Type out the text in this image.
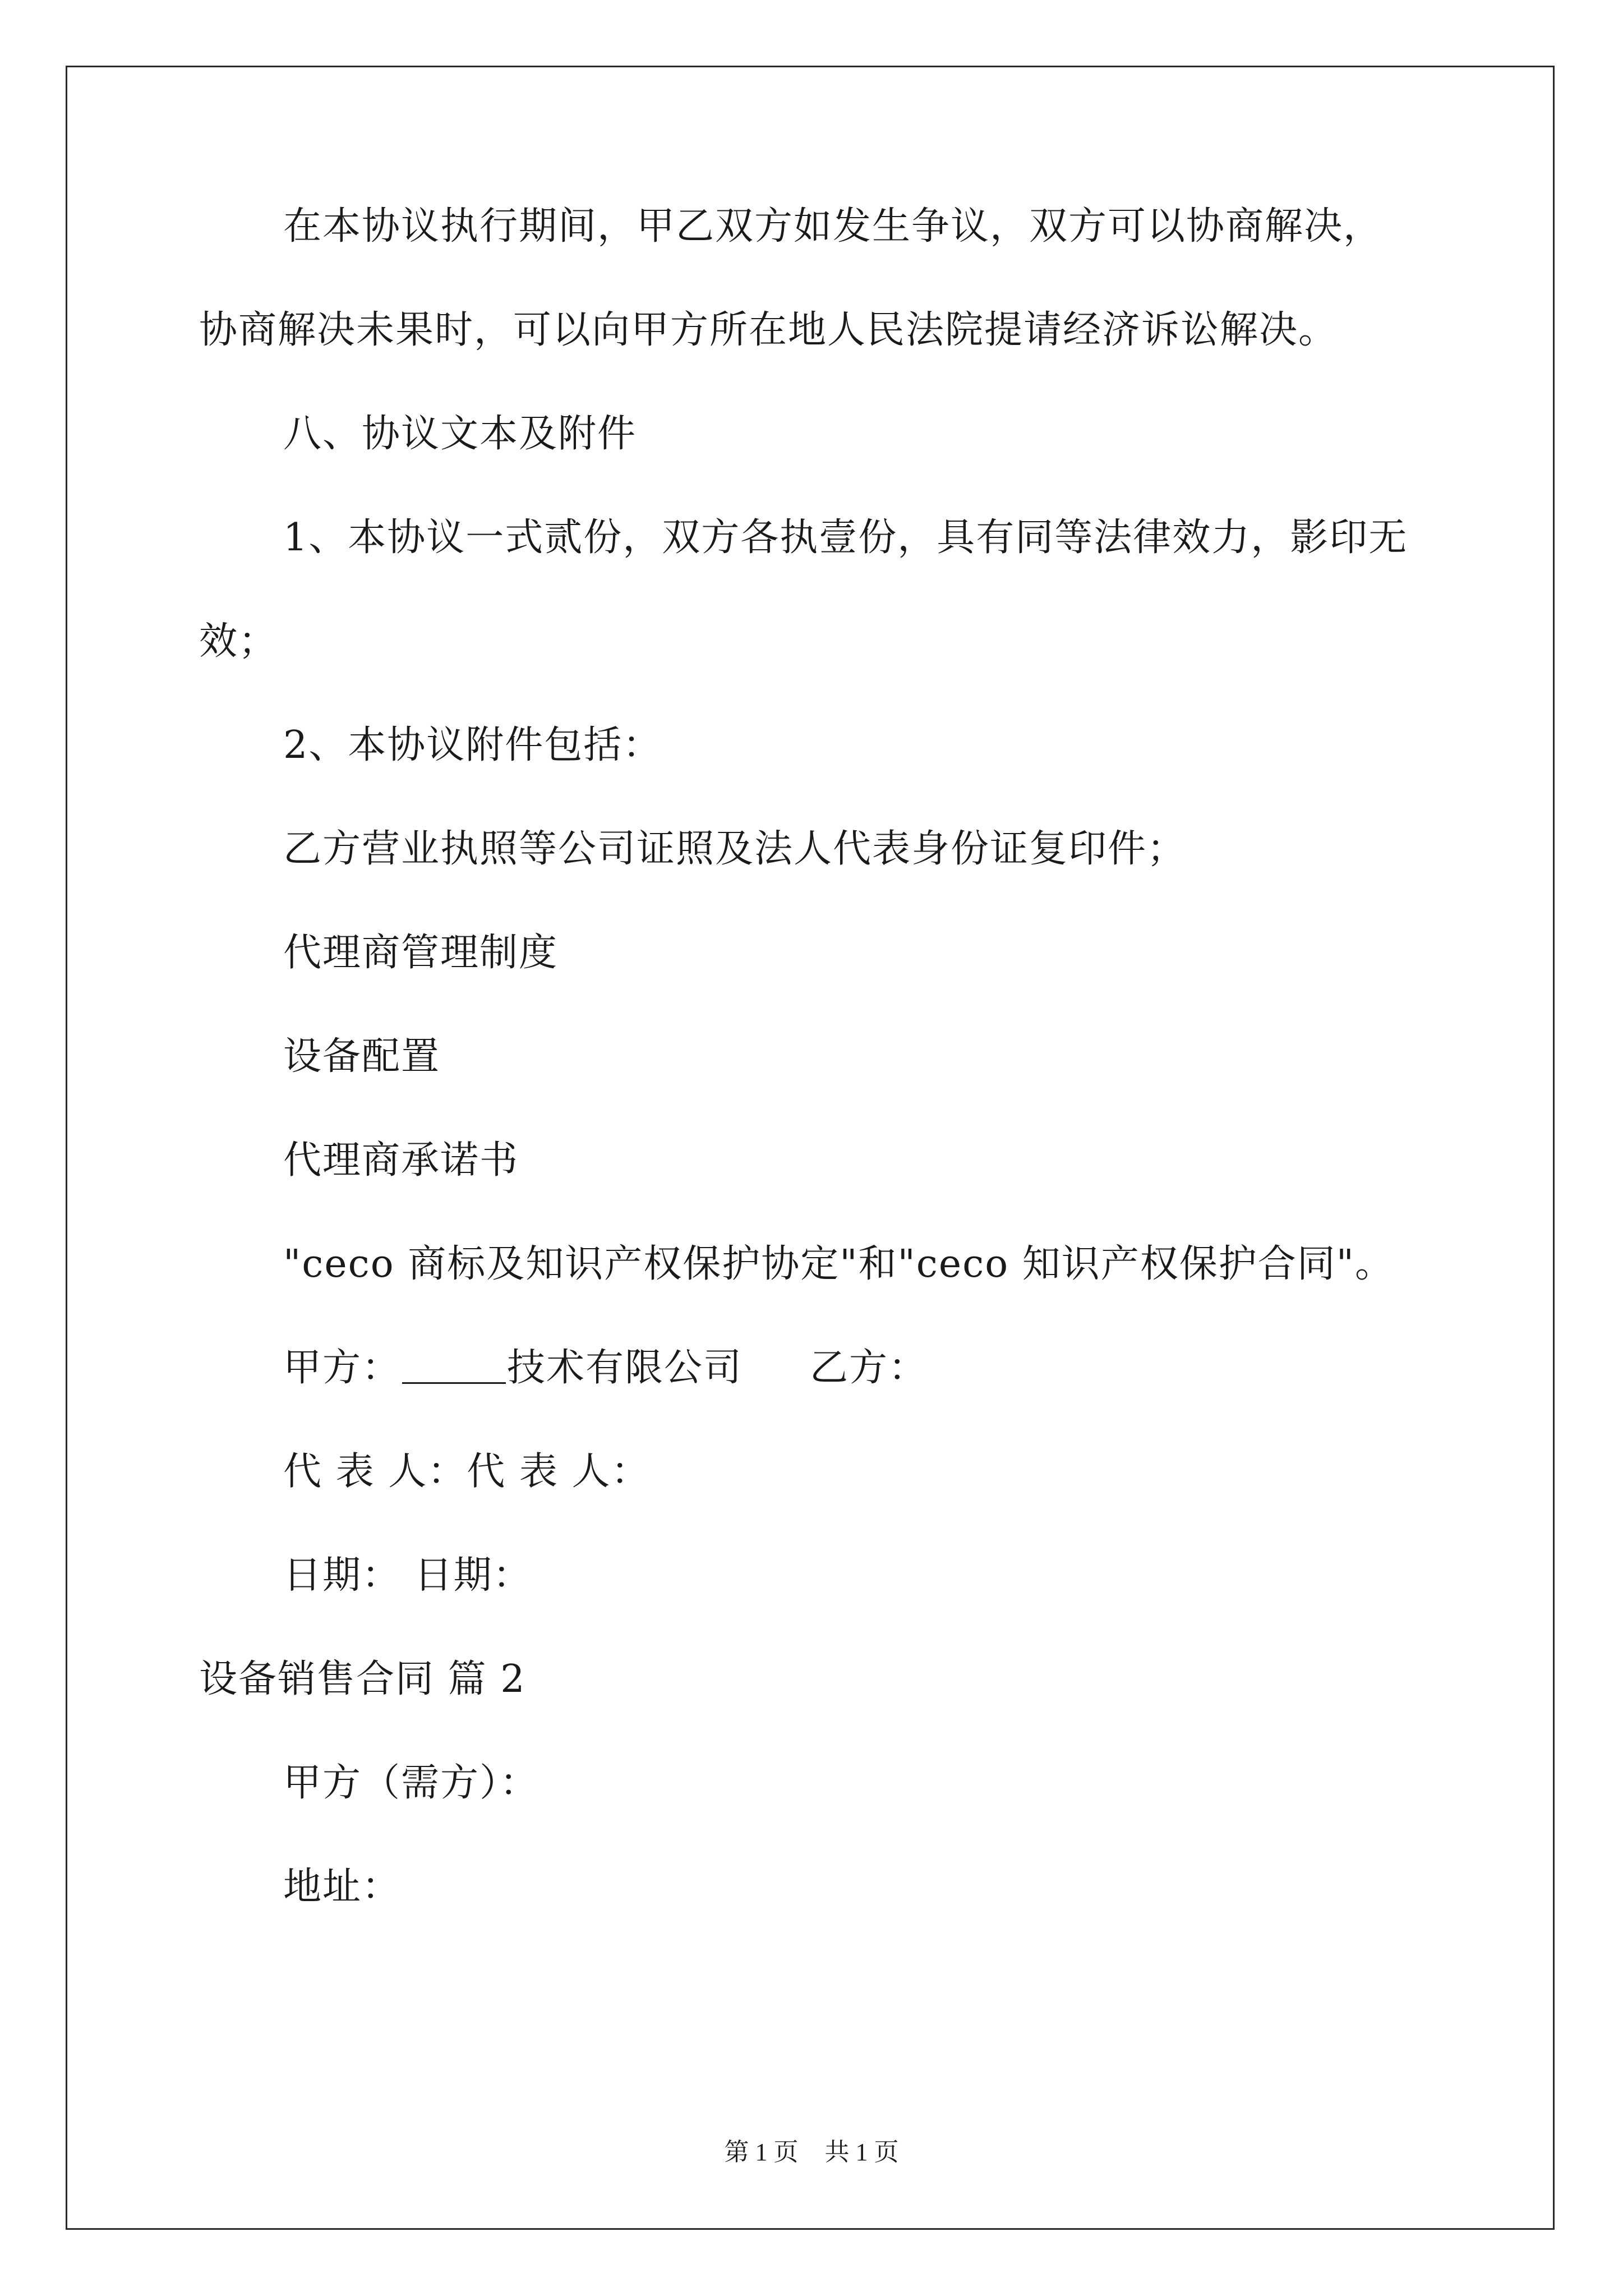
在本协议执行期间，甲乙双方如发生争议，双方可以协商解决，
协商解决未果时，可以向甲方所在地人民法院提请经济诉讼解决。
八、协议文本及附件
1、本协议一式贰份，双方各执壹份，具有同等法律效力，影印无
效；
2、本协议附件包括：
乙方营业执照等公司证照及法人代表身份证复印件；
代理商管理制度
设备配置
代理商承诺书
"ceco 商标及知识产权保护协定"和"ceco 知识产权保护合同"。
甲方：	技术有限公司 乙方：
代 表 人：代 表 人：
日期： 日期：
设备销售合同 篇 2
甲方（需方）：
地址：
第 1 页 共 1 页
